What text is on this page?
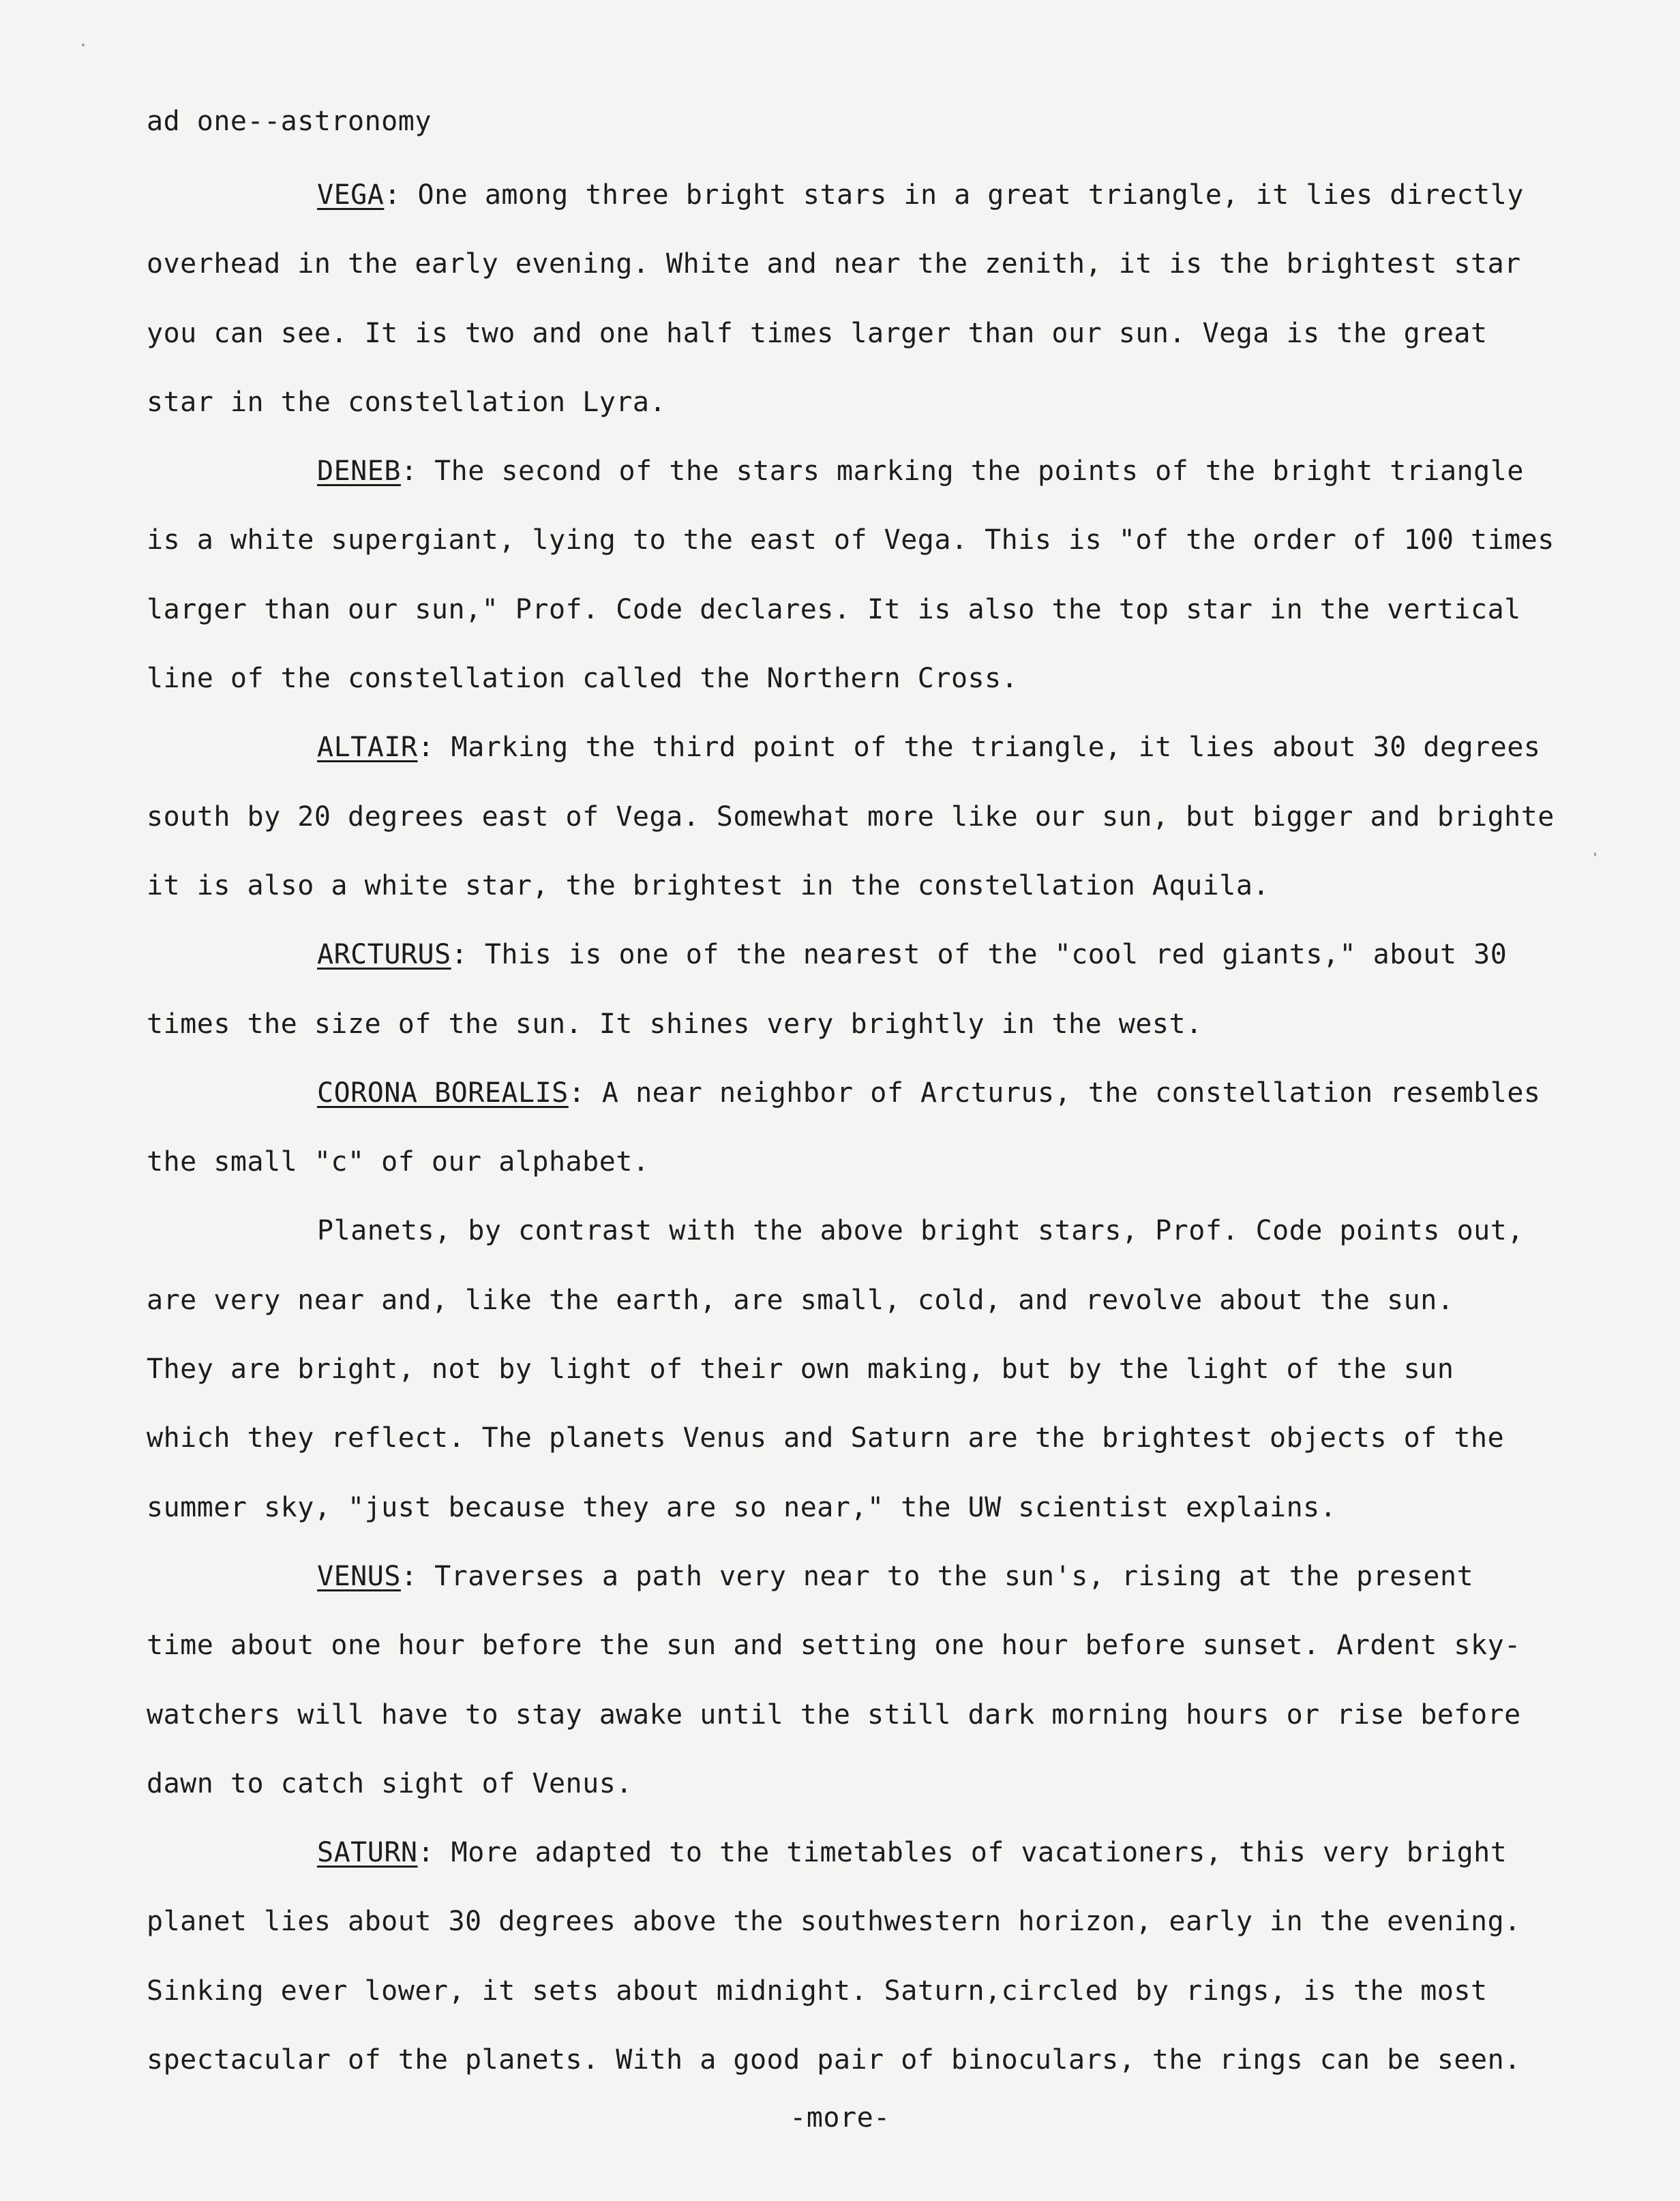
ad one--astronomy
VEGA: One among three bright stars in a great triangle, it lies directly
overhead in the early evening. White and near the zenith, it is the brightest star
you can see. It is two and one half times larger than our sun. Vega is the great
star in the constellation Lyra.
DENEB: The second of the stars marking the points of the bright triangle
is a white supergiant, lying to the east of Vega. This is "of the order of 100 times
larger than our sun," Prof. Code declares. It is also the top star in the vertical
line of the constellation called the Northern Cross.
ALTAIR: Marking the third point of the triangle, it lies about 30 degrees
south by 20 degrees east of Vega. Somewhat more like our sun, but bigger and brighte
it is also a white star, the brightest in the constellation Aquila.
ARCTURUS: This is one of the nearest of the "cool red giants," about 30
times the size of the sun. It shines very brightly in the west.
CORONA BOREALIS: A near neighbor of Arcturus, the constellation resembles
the small "c" of our alphabet.
Planets, by contrast with the above bright stars, Prof. Code points out,
are very near and, like the earth, are small, cold, and revolve about the sun.
They are bright, not by light of their own making, but by the light of the sun
which they reflect. The planets Venus and Saturn are the brightest objects of the
summer sky, "just because they are so near," the UW scientist explains.
VENUS: Traverses a path very near to the sun's, rising at the present
time about one hour before the sun and setting one hour before sunset. Ardent sky-
watchers will have to stay awake until the still dark morning hours or rise before
dawn to catch sight of Venus.
SATURN: More adapted to the timetables of vacationers, this very bright
planet lies about 30 degrees above the southwestern horizon, early in the evening.
Sinking ever lower, it sets about midnight. Saturn,circled by rings, is the most
spectacular of the planets. With a good pair of binoculars, the rings can be seen.
-more-
